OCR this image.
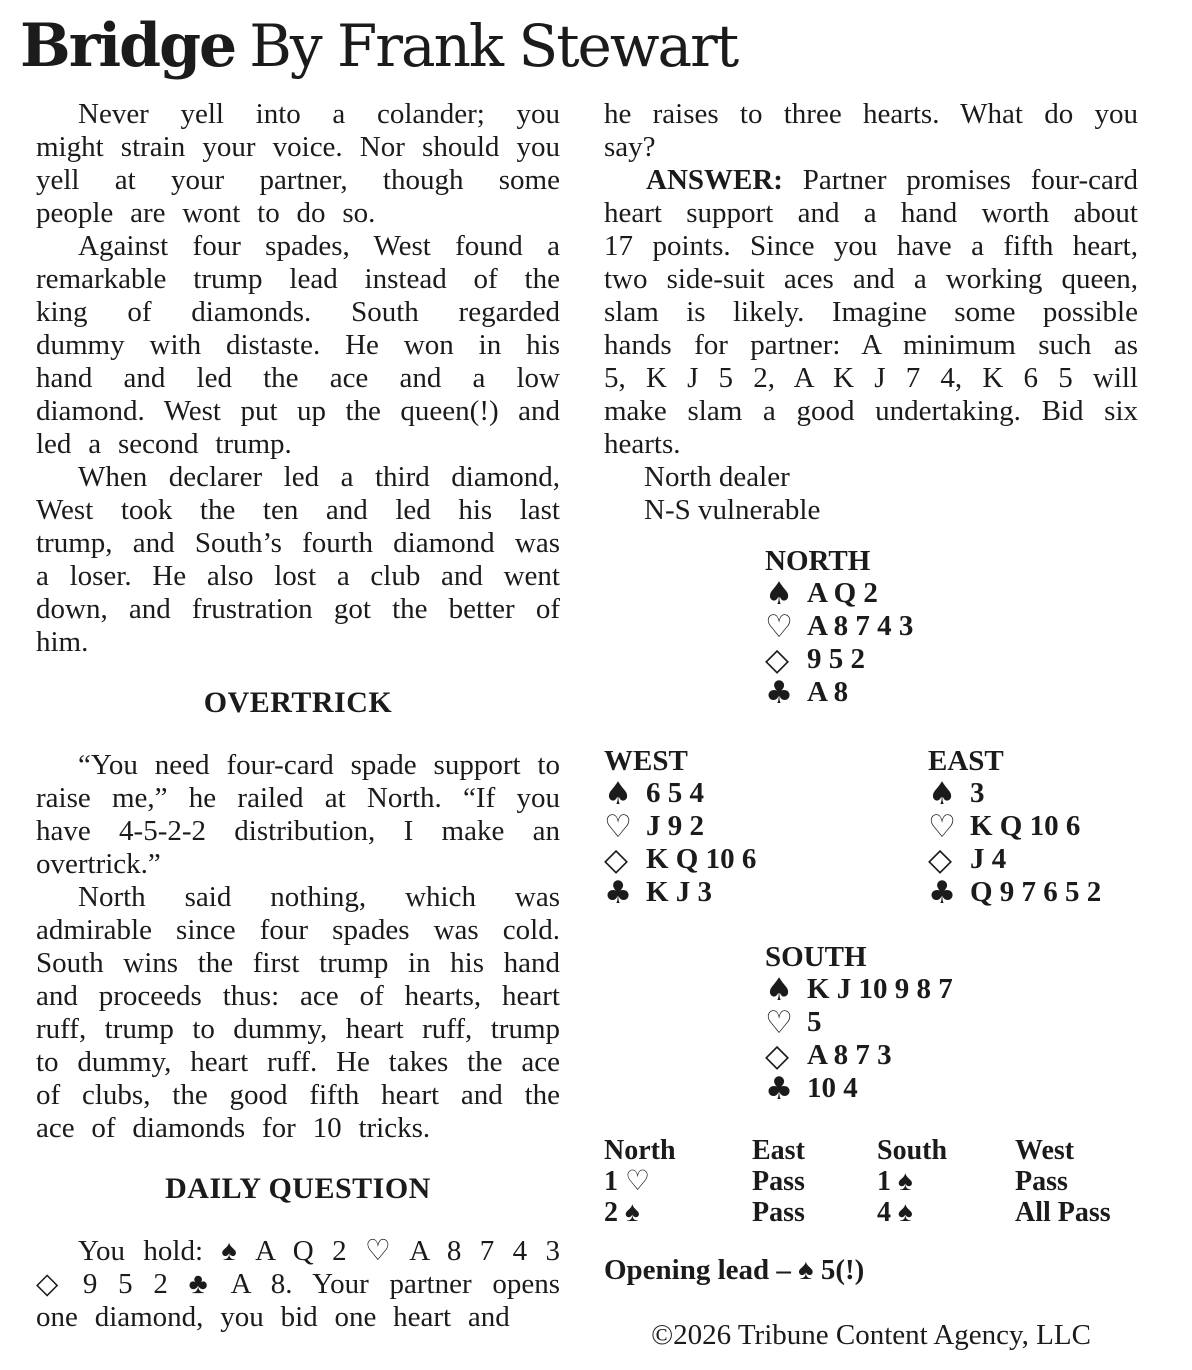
Bridge By Frank Stewart

Never yell into a colander; you might strain your voice. Nor should you yell at your partner, though some people are wont to do so.

Against four spades, West found a remarkable trump lead instead of the king of diamonds. South regarded dummy with distaste. He won in his hand and led the ace and a low diamond. West put up the queen(!) and led a second trump.

When declarer led a third diamond, West took the ten and led his last trump, and South’s fourth diamond was a loser. He also lost a club and went down, and frustration got the better of him.

OVERTRICK

“You need four-card spade support to raise me,” he railed at North. “If you have 4-5-2-2 distribution, I make an overtrick.”

North said nothing, which was admirable since four spades was cold. South wins the first trump in his hand and proceeds thus: ace of hearts, heart ruff, trump to dummy, heart ruff, trump to dummy, heart ruff. He takes the ace of clubs, the good fifth heart and the ace of diamonds for 10 tricks.

DAILY QUESTION

You hold: ♠ A Q 2 ♡ A 8 7 4 3 ◇ 9 5 2 ♣ A 8. Your partner opens one diamond, you bid one heart and

he raises to three hearts. What do you say?

ANSWER: Partner promises four-card heart support and a hand worth about 17 points. Since you have a fifth heart, two side-suit aces and a working queen, slam is likely. Imagine some possible hands for partner: A minimum such as 5, K J 5 2, A K J 7 4, K 6 5 will make slam a good undertaking. Bid six hearts.

North dealer

N-S vulnerable

NORTH

♠ A Q 2

♡ A 8 7 4 3

◇ 9 5 2

♣ A 8

WEST

♠ 6 5 4

♡ J 9 2

◇ K Q 10 6

♣ K J 3

EAST

♠ 3

♡ K Q 10 6

◇ J 4

♣ Q 9 7 6 5 2

SOUTH

♠ K J 10 9 8 7

♡ 5

◇ A 8 7 3

♣ 10 4

North	East	South	West
1 ♡	Pass	1 ♠	Pass
2 ♠	Pass	4 ♠	All Pass

Opening lead – ♠ 5(!)

©2026 Tribune Content Agency, LLC
